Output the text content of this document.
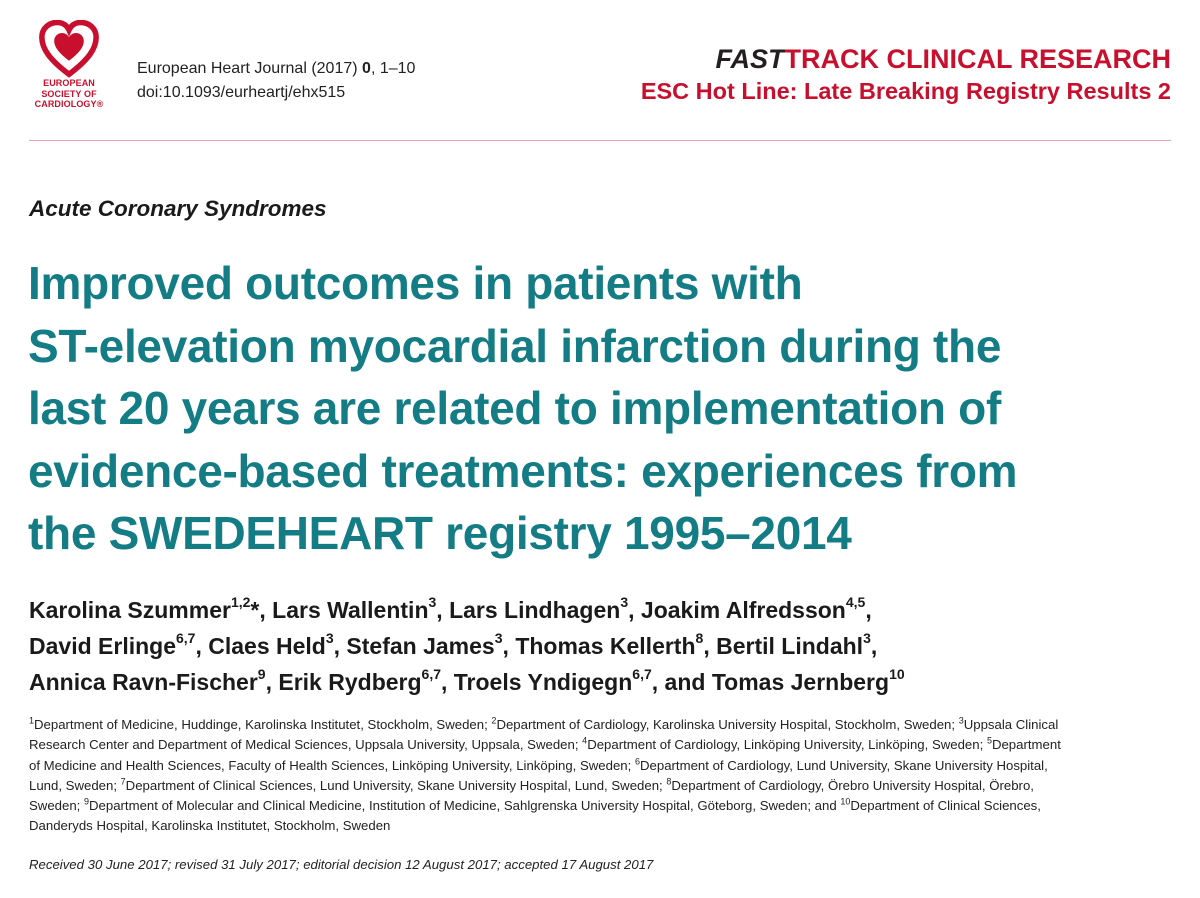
EUROPEAN
SOCIETY OF
CARDIOLOGY®
European Heart Journal (2017) 0, 1–10
doi:10.1093/eurheartj/ehx515
FASTTRACK CLINICAL RESEARCH
ESC Hot Line: Late Breaking Registry Results 2
Acute Coronary Syndromes
Improved outcomes in patients with
ST-elevation myocardial infarction during the
last 20 years are related to implementation of
evidence-based treatments: experiences from
the SWEDEHEART registry 1995–2014
Karolina Szummer$^{1,2}$*, Lars Wallentin$^3$, Lars Lindhagen$^3$, Joakim Alfredsson$^{4,5}$,
David Erlinge$^{6,7}$, Claes Held$^3$, Stefan James$^3$, Thomas Kellerth$^8$, Bertil Lindahl$^3$,
Annica Ravn-Fischer$^9$, Erik Rydberg$^{6,7}$, Troels Yndigegn$^{6,7}$, and Tomas Jernberg$^{10}$
$^1$Department of Medicine, Huddinge, Karolinska Institutet, Stockholm, Sweden; $^2$Department of Cardiology, Karolinska University Hospital, Stockholm, Sweden; $^3$Uppsala Clinical
Research Center and Department of Medical Sciences, Uppsala University, Uppsala, Sweden; $^4$Department of Cardiology, Linköping University, Linköping, Sweden; $^5$Department
of Medicine and Health Sciences, Faculty of Health Sciences, Linköping University, Linköping, Sweden; $^6$Department of Cardiology, Lund University, Skane University Hospital,
Lund, Sweden; $^7$Department of Clinical Sciences, Lund University, Skane University Hospital, Lund, Sweden; $^8$Department of Cardiology, Örebro University Hospital, Örebro,
Sweden; $^9$Department of Molecular and Clinical Medicine, Institution of Medicine, Sahlgrenska University Hospital, Göteborg, Sweden; and $^{10}$Department of Clinical Sciences,
Danderyds Hospital, Karolinska Institutet, Stockholm, Sweden
Received 30 June 2017; revised 31 July 2017; editorial decision 12 August 2017; accepted 17 August 2017
